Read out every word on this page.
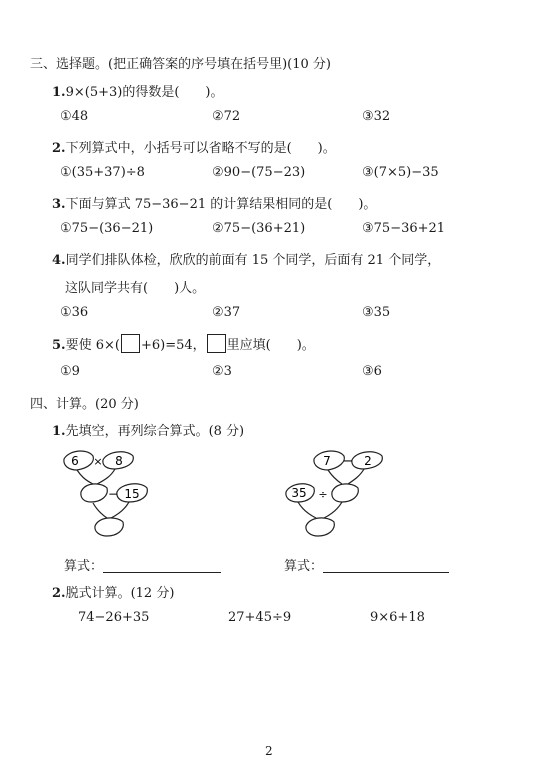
三、选择题。(把正确答案的序号填在括号里)(10 分)
1.9×(5+3)的得数是(　　)。
①48	②72	③32
2.下列算式中，小括号可以省略不写的是(　　)。
①(35+37)÷8	②90−(75−23)	③(7×5)−35
3.下面与算式 75−36−21 的计算结果相同的是(　　)。
①75−(36−21)	②75−(36+21)	③75−36+21
4.同学们排队体检，欣欣的前面有 15 个同学，后面有 21 个同学，
这队同学共有(　　)人。
①36	②37	③35
5.要使 6×( +6)=54， 里应填(　　)。
①9	②3	③6
四、计算。(20 分)
1.先填空，再列综合算式。(8 分)
6 × 8
− 15
7 − 2
35 ÷
算式：	算式：
2.脱式计算。(12 分)
74−26+35	27+45÷9	9×6+18
2
